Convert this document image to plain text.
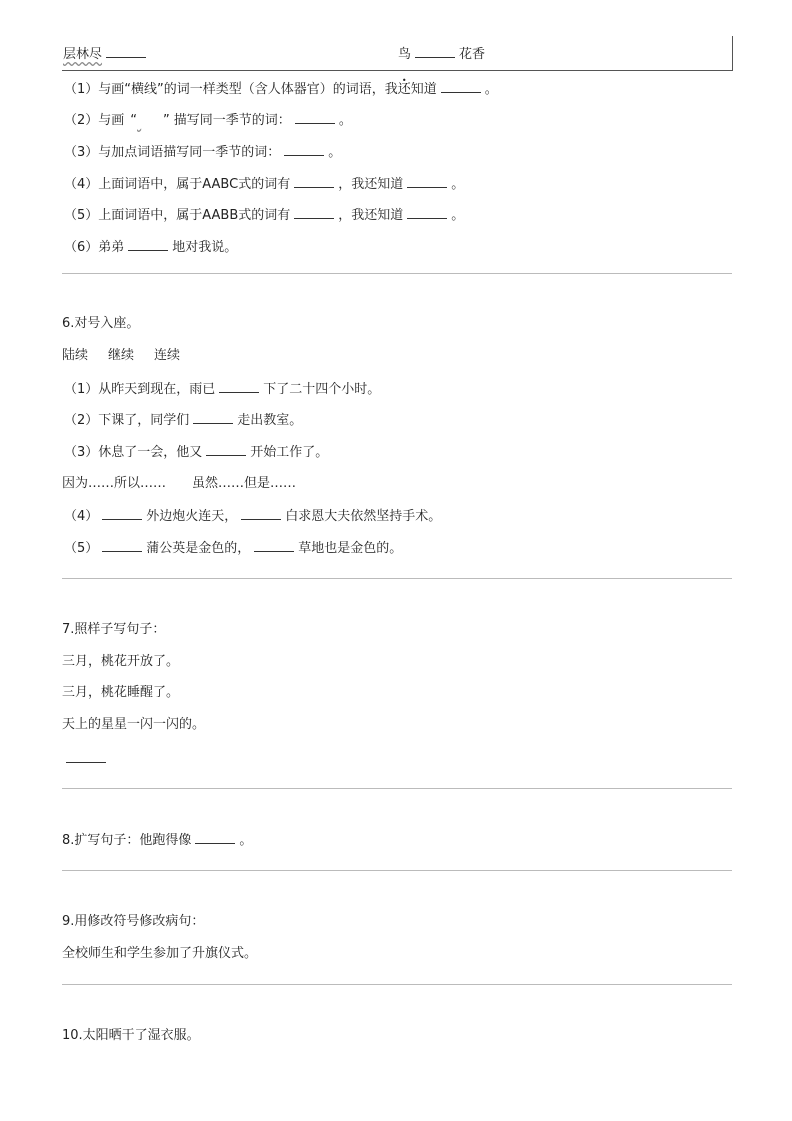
层林尽	鸟	花香
（1）与画“横线”的词一样类型（含人体器官）的词语• ，我还知道	。
（2）与画 “ ” 描写同一季节的词：	。
（3）与加点词语描写同一季节的词：	。
（4）上面词语中，属于AABC式的词有	，我还知道	。
（5）上面词语中，属于AABB式的词有	，我还知道	。
（6）弟弟	地对我说。
6.对号入座。
陆续 继续 连续
（1）从昨天到现在，雨已	下了二十四个小时。
（2）下课了，同学们	走出教室。
（3）休息了一会，他又	开始工作了。
因为……所以…… 虽然……但是……
（4）	外边炮火连天，	白求恩大夫依然坚持手术。
（5）	蒲公英是金色的，	草地也是金色的。
7.照样子写句子：
三月，桃花开放了。
三月，桃花睡醒了。
天上的星星一闪一闪的。
8.扩写句子：他跑得像	。
9.用修改符号修改病句：
全校师生和学生参加了升旗仪式。
10.太阳晒干了湿衣服。
